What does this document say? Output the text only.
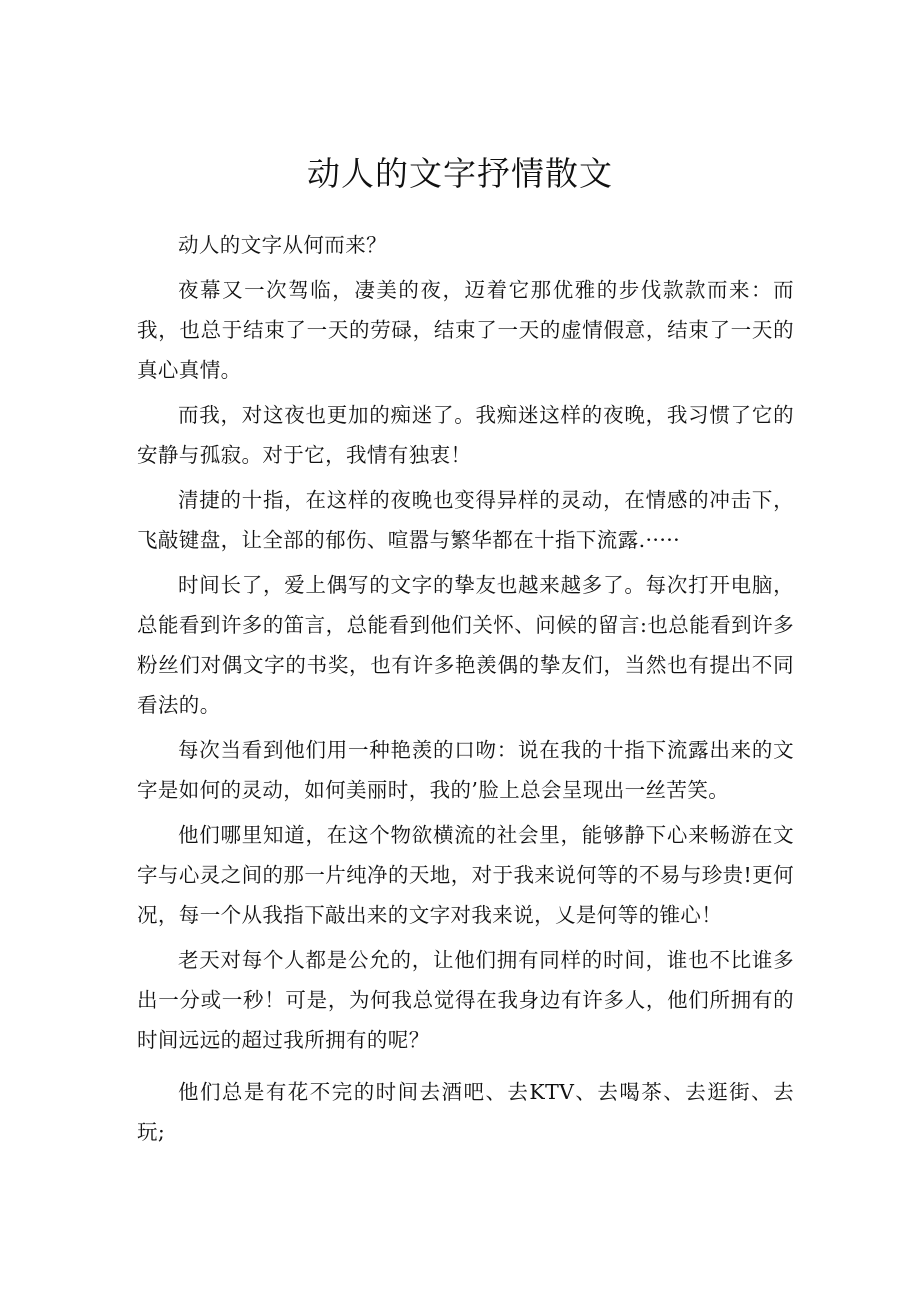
动人的文字抒情散文

动人的文字从何而来？

夜幕又一次驾临，凄美的夜，迈着它那优雅的步伐款款而来：而我，也总于结束了一天的劳碌，结束了一天的虚情假意，结束了一天的真心真情。

而我，对这夜也更加的痴迷了。我痴迷这样的夜晚，我习惯了它的安静与孤寂。对于它，我情有独衷！

清捷的十指，在这样的夜晚也变得异样的灵动，在情感的冲击下，飞敲键盘，让全部的郁伤、喧嚣与繁华都在十指下流露.·····

时间长了，爱上偶写的文字的挚友也越来越多了。每次打开电脑，总能看到许多的笛言，总能看到他们关怀、问候的留言:也总能看到许多粉丝们对偶文字的书奖，也有许多艳羡偶的挚友们，当然也有提出不同看法的。

每次当看到他们用一种艳羡的口吻：说在我的十指下流露出来的文字是如何的灵动，如何美丽时，我的’脸上总会呈现出一丝苦笑。

他们哪里知道，在这个物欲横流的社会里，能够静下心来畅游在文字与心灵之间的那一片纯净的天地，对于我来说何等的不易与珍贵!更何况，每一个从我指下敲出来的文字对我来说，乂是何等的锥心！

老天对每个人都是公允的，让他们拥有同样的时间，谁也不比谁多出一分或一秒！可是，为何我总觉得在我身边有许多人，他们所拥有的时间远远的超过我所拥有的呢？

他们总是有花不完的时间去酒吧、去KTV、去喝茶、去逛街、去玩;
